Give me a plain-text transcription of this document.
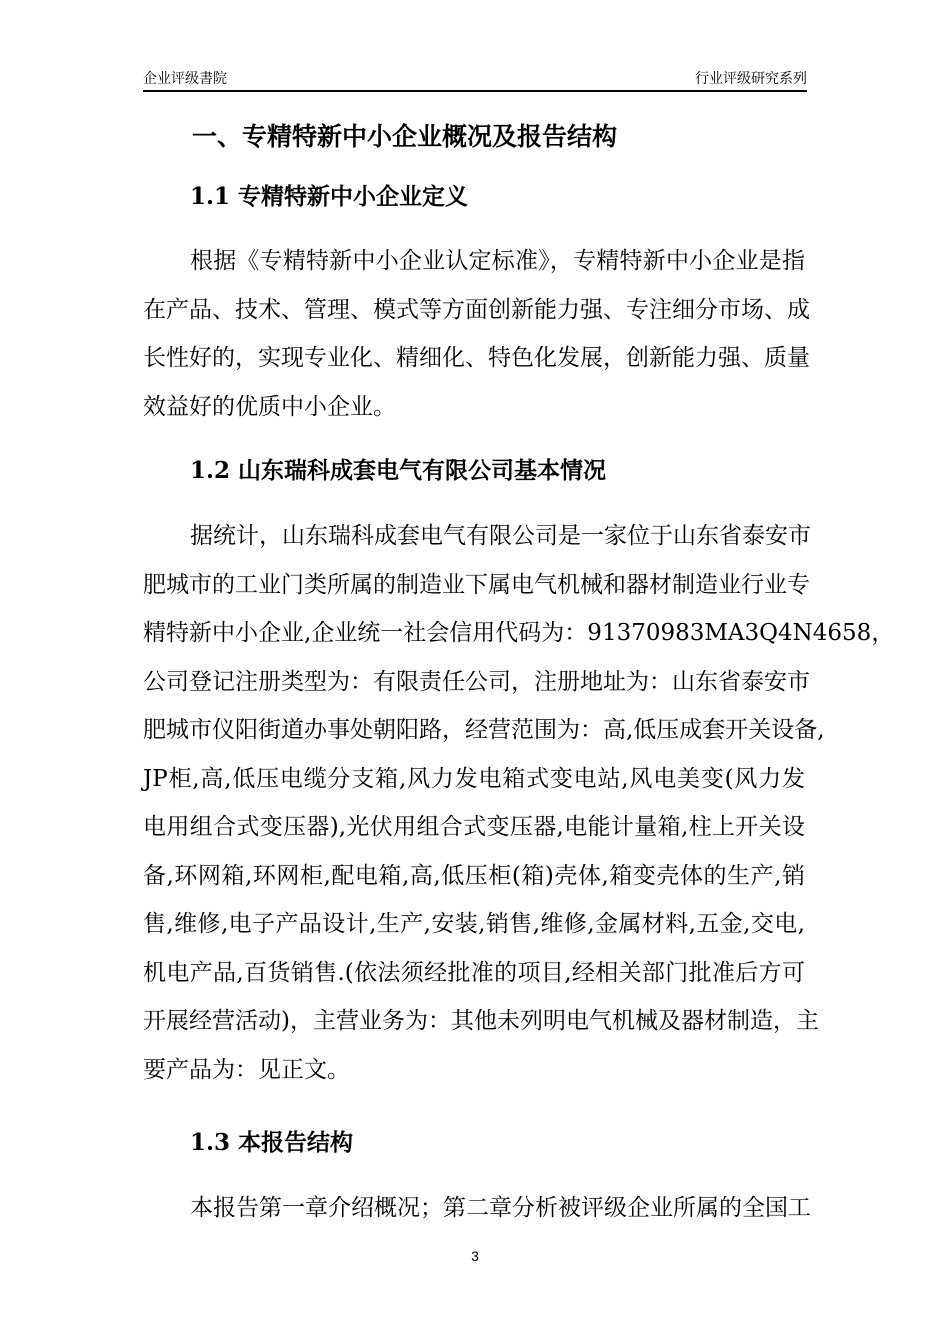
企业评级書院	行业评级研究系列
一、专精特新中小企业概况及报告结构
1.1 专精特新中小企业定义
根据《专精特新中小企业认定标准》，专精特新中小企业是指
在产品、技术、管理、模式等方面创新能力强、专注细分市场、成
长性好的，实现专业化、精细化、特色化发展，创新能力强、质量
效益好的优质中小企业。
1.2 山东瑞科成套电气有限公司基本情况
据统计，山东瑞科成套电气有限公司是一家位于山东省泰安市
肥城市的工业门类所属的制造业下属电气机械和器材制造业行业专
精特新中小企业,企业统一社会信用代码为：91370983MA3Q4N4658，
公司登记注册类型为：有限责任公司，注册地址为：山东省泰安市
肥城市仪阳街道办事处朝阳路，经营范围为：高,低压成套开关设备,
JP柜,高,低压电缆分支箱,风力发电箱式变电站,风电美变(风力发
电用组合式变压器),光伏用组合式变压器,电能计量箱,柱上开关设
备,环网箱,环网柜,配电箱,高,低压柜(箱)壳体,箱变壳体的生产,销
售,维修,电子产品设计,生产,安装,销售,维修,金属材料,五金,交电,
机电产品,百货销售.(依法须经批准的项目,经相关部门批准后方可
开展经营活动)，主营业务为：其他未列明电气机械及器材制造，主
要产品为：见正文。
1.3 本报告结构
本报告第一章介绍概况；第二章分析被评级企业所属的全国工
3
